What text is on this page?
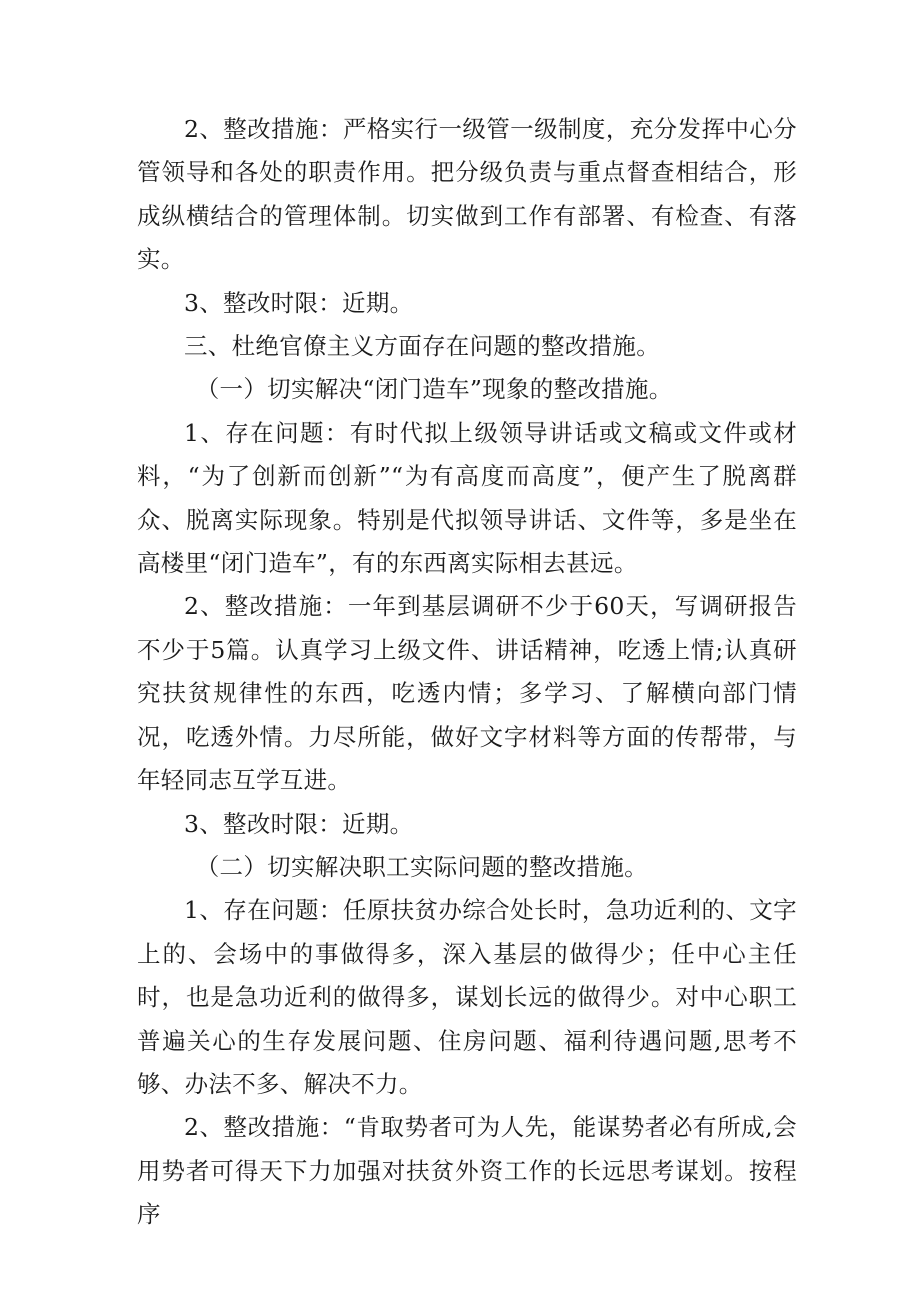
2、整改措施：严格实行一级管一级制度，充分发挥中心分管领导和各处的职责作用。把分级负责与重点督查相结合，形成纵横结合的管理体制。切实做到工作有部署、有检查、有落实。

3、整改时限：近期。

三、杜绝官僚主义方面存在问题的整改措施。

（一）切实解决“闭门造车”现象的整改措施。

1、存在问题：有时代拟上级领导讲话或文稿或文件或材料，“为了创新而创新”“为有高度而高度”，便产生了脱离群众、脱离实际现象。特别是代拟领导讲话、文件等，多是坐在高楼里“闭门造车”，有的东西离实际相去甚远。

2、整改措施：一年到基层调研不少于60天，写调研报告不少于5篇。认真学习上级文件、讲话精神，吃透上情;认真研究扶贫规律性的东西，吃透内情；多学习、了解横向部门情况，吃透外情。力尽所能，做好文字材料等方面的传帮带，与年轻同志互学互进。

3、整改时限：近期。

（二）切实解决职工实际问题的整改措施。

1、存在问题：任原扶贫办综合处长时，急功近利的、文字上的、会场中的事做得多，深入基层的做得少；任中心主任时，也是急功近利的做得多，谋划长远的做得少。对中心职工普遍关心的生存发展问题、住房问题、福利待遇问题,思考不够、办法不多、解决不力。

2、整改措施：“肯取势者可为人先，能谋势者必有所成,会用势者可得天下力加强对扶贫外资工作的长远思考谋划。按程序
